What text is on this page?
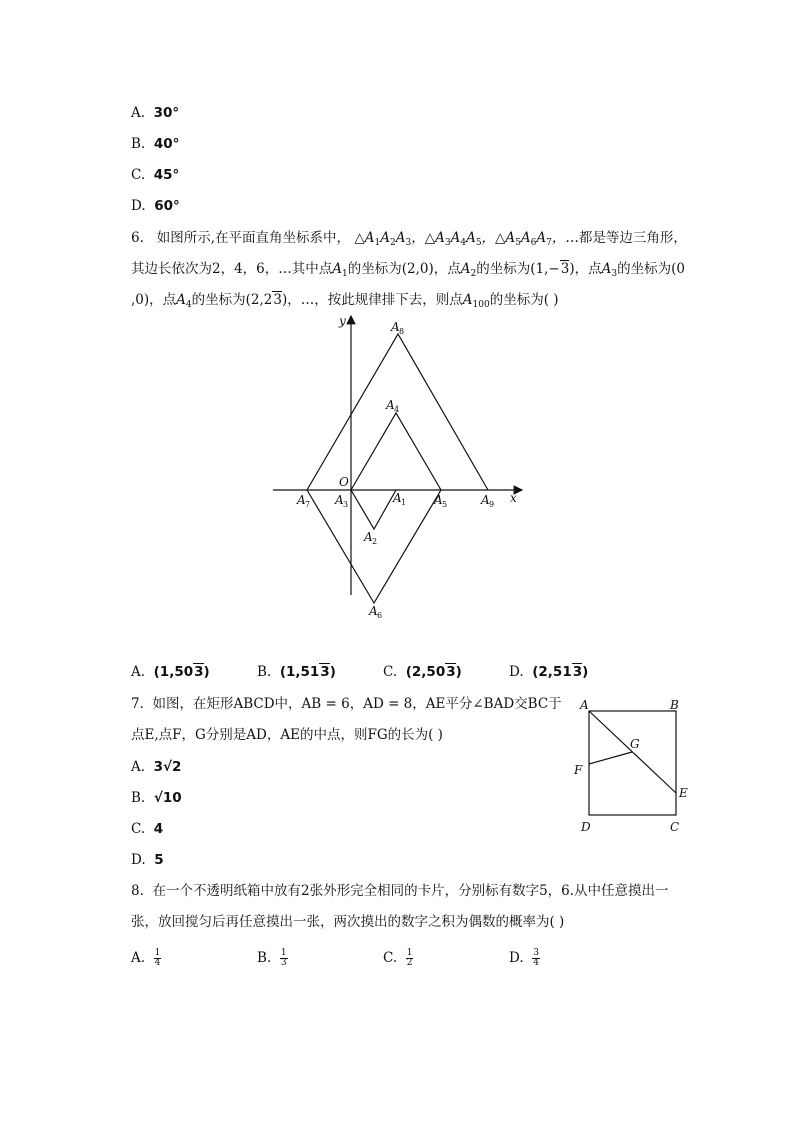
A. 30°
B. 40°
C. 45°
D. 60°
6. 如图所示,在平面直角坐标系中， $\triangle A_1A_2A_3$，$\triangle A_3A_4A_5$，$\triangle A_5A_6A_7$，…都是等边三角形，
其边长依次为2，4，6，…其中点$A_1$的坐标为(2,0)，点$A_2$的坐标为(1,−3)，点$A_3$的坐标为(0
,0)，点$A_4$的坐标为(2,23)，…，按此规律排下去，则点$A_{100}$的坐标为( )
y
x
O
A 8
A 4
A 7 A 3	A 1 A 5	A 9
A 2
A 6
A. (1,503)	B. (1,513)	C. (2,503)	D. (2,513)
7. 如图，在矩形ABCD中，AB = 6，AD = 8，AE平分∠BAD交BC于
点E,点F，G分别是AD，AE的中点，则FG的长为( )
A. 3√2
B. √10
C. 4
D. 5
A	B
C
D
E
F
G
8. 在一个不透明纸箱中放有2张外形完全相同的卡片，分别标有数字5，6.从中任意摸出一
张，放回搅匀后再任意摸出一张，两次摸出的数字之积为偶数的概率为( )
A. $\frac{1}{4}$	B. $\frac{1}{3}$	C. $\frac{1}{2}$	D. $\frac{3}{4}$
